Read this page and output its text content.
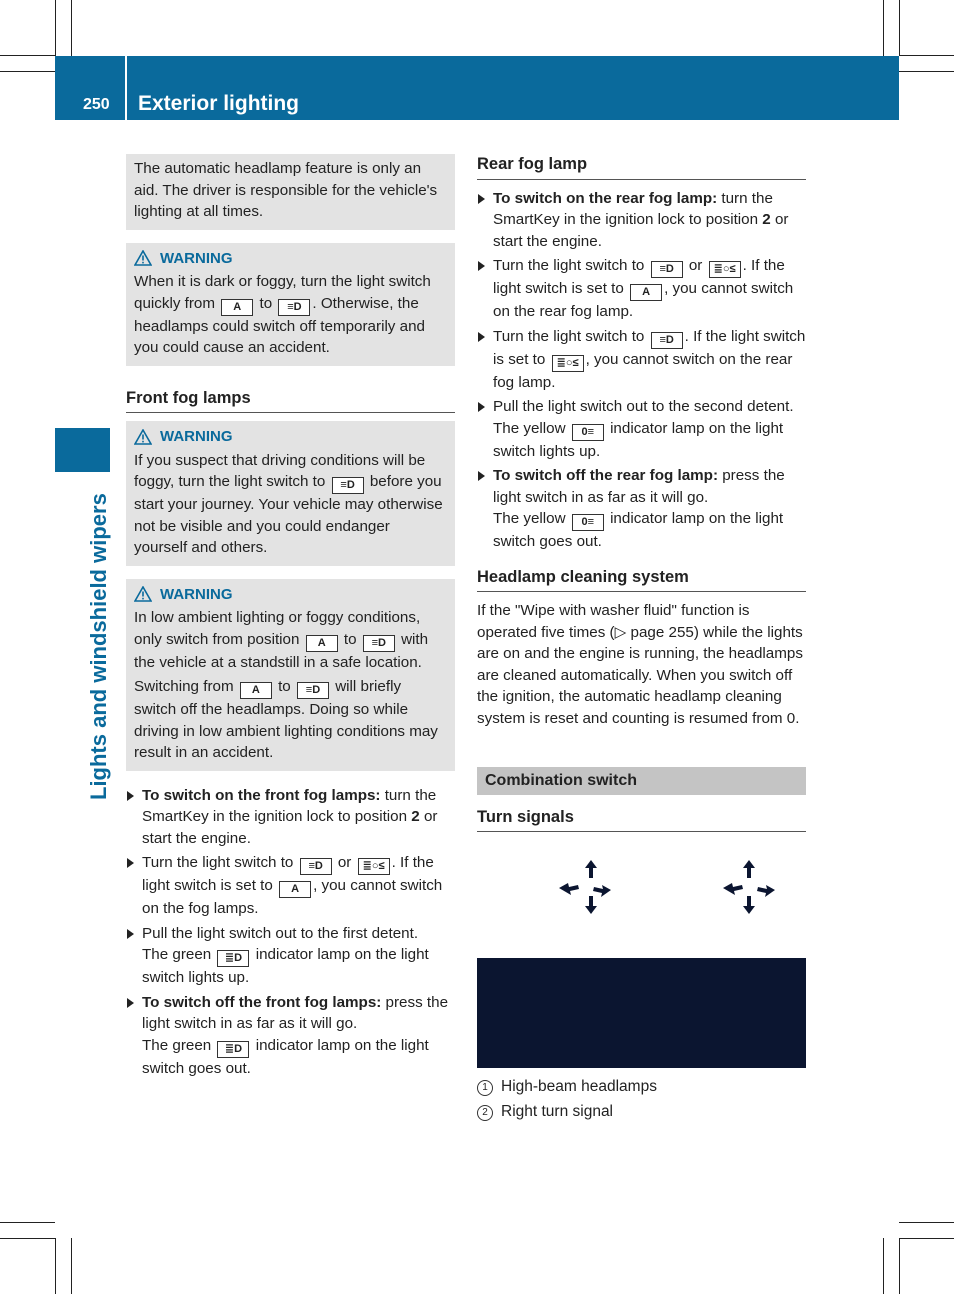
250 Exterior lighting
Lights and windshield wipers
The automatic headlamp feature is only an aid. The driver is responsible for the vehicle's lighting at all times.
WARNING
When it is dark or foggy, turn the light switch quickly from A to ≡D . Otherwise, the headlamps could switch off temporarily and you could cause an accident.
Front fog lamps
WARNING
If you suspect that driving conditions will be foggy, turn the light switch to ≡D before you start your journey. Your vehicle may otherwise not be visible and you could endanger yourself and others.
WARNING
In low ambient lighting or foggy conditions, only switch from position A to ≡D with the vehicle at a standstill in a safe location.
Switching from A to ≡D will briefly switch off the headlamps. Doing so while driving in low ambient lighting conditions may result in an accident.
To switch on the front fog lamps: turn the SmartKey in the ignition lock to position 2 or start the engine.
Turn the light switch to ≡D or ≣○≤ . If the light switch is set to A , you cannot switch on the fog lamps.
Pull the light switch out to the first detent.
The green ≣D indicator lamp on the light switch lights up.
To switch off the front fog lamps: press the light switch in as far as it will go.
The green ≣D indicator lamp on the light switch goes out.
Rear fog lamp
To switch on the rear fog lamp: turn the SmartKey in the ignition lock to position 2 or start the engine.
Turn the light switch to ≡D or ≣○≤ . If the light switch is set to A , you cannot switch on the rear fog lamp.
Turn the light switch to ≡D . If the light switch is set to ≣○≤ , you cannot switch on the rear fog lamp.
Pull the light switch out to the second detent.
The yellow 0≡ indicator lamp on the light switch lights up.
To switch off the rear fog lamp: press the light switch in as far as it will go.
The yellow 0≡ indicator lamp on the light switch goes out.
Headlamp cleaning system
If the "Wipe with washer fluid" function is operated five times (▷ page 255) while the lights are on and the engine is running, the headlamps are cleaned automatically. When you switch off the ignition, the automatic headlamp cleaning system is reset and counting is resumed from 0.
Combination switch
Turn signals
1 High-beam headlamps
2 Right turn signal
